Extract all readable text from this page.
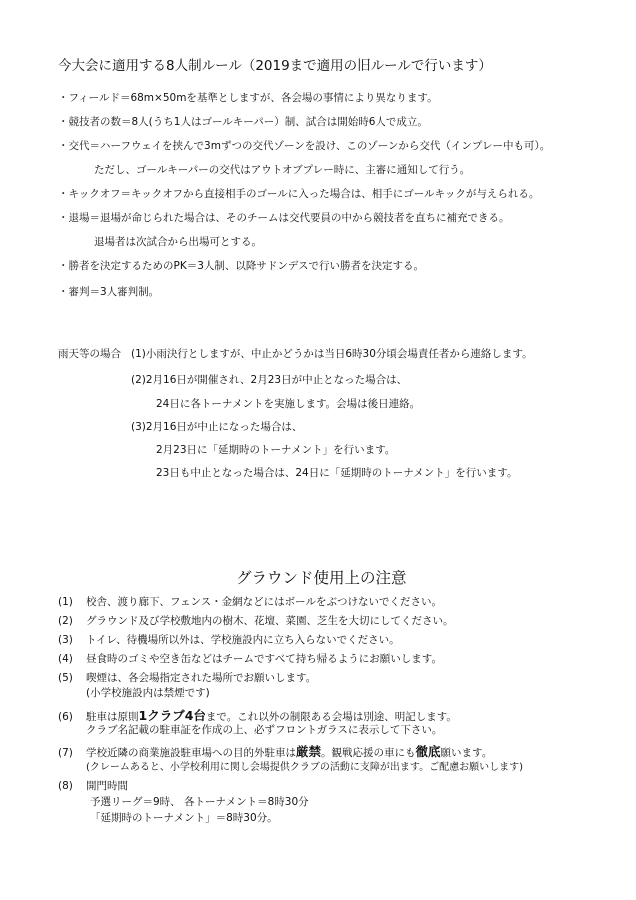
今大会に適用する8人制ルール（2019まで適用の旧ルールで行います）
・フィールド＝68m×50mを基準としますが、各会場の事情により異なります。
・競技者の数＝8人(うち1人はゴールキーパー）制、試合は開始時6人で成立。
・交代＝ハーフウェイを挟んで3mずつの交代ゾーンを設け、このゾーンから交代（インプレー中も可）。
ただし、ゴールキーパーの交代はアウトオブプレー時に、主審に通知して行う。
・キックオフ＝キックオフから直接相手のゴールに入った場合は、相手にゴールキックが与えられる。
・退場＝退場が命じられた場合は、そのチームは交代要員の中から競技者を直ちに補充できる。
退場者は次試合から出場可とする。
・勝者を決定するためのPK＝3人制、以降サドンデスで行い勝者を決定する。
・審判＝3人審判制。
雨天等の場合 (1)小雨決行としますが、中止かどうかは当日6時30分頃会場責任者から連絡します。
(2)2月16日が開催され、2月23日が中止となった場合は、
24日に各トーナメントを実施します。会場は後日連絡。
(3)2月16日が中止になった場合は、
2月23日に「延期時のトーナメント」を行います。
23日も中止となった場合は、24日に「延期時のトーナメント」を行います。
グラウンド使用上の注意
(1) 校舎、渡り廊下、フェンス・金網などにはボールをぶつけないでください。
(2) グラウンド及び学校敷地内の樹木、花壇、菜園、芝生を大切にしてください。
(3) トイレ、待機場所以外は、学校施設内に立ち入らないでください。
(4) 昼食時のゴミや空き缶などはチームですべて持ち帰るようにお願いします。
(5) 喫煙は、各会場指定された場所でお願いします。
(小学校施設内は禁煙です)
(6) 駐車は原則1クラブ4台まで。これ以外の制限ある会場は別途、明記します。
クラブ名記載の駐車証を作成の上、必ずフロントガラスに表示して下さい。
(7) 学校近隣の商業施設駐車場への目的外駐車は厳禁。観戦応援の車にも徹底願います。
(クレームあると、小学校利用に関し会場提供クラブの活動に支障が出ます。ご配慮お願いします)
(8) 開門時間
予選リーグ＝9時、 各トーナメント＝8時30分
「延期時のトーナメント」＝8時30分。
